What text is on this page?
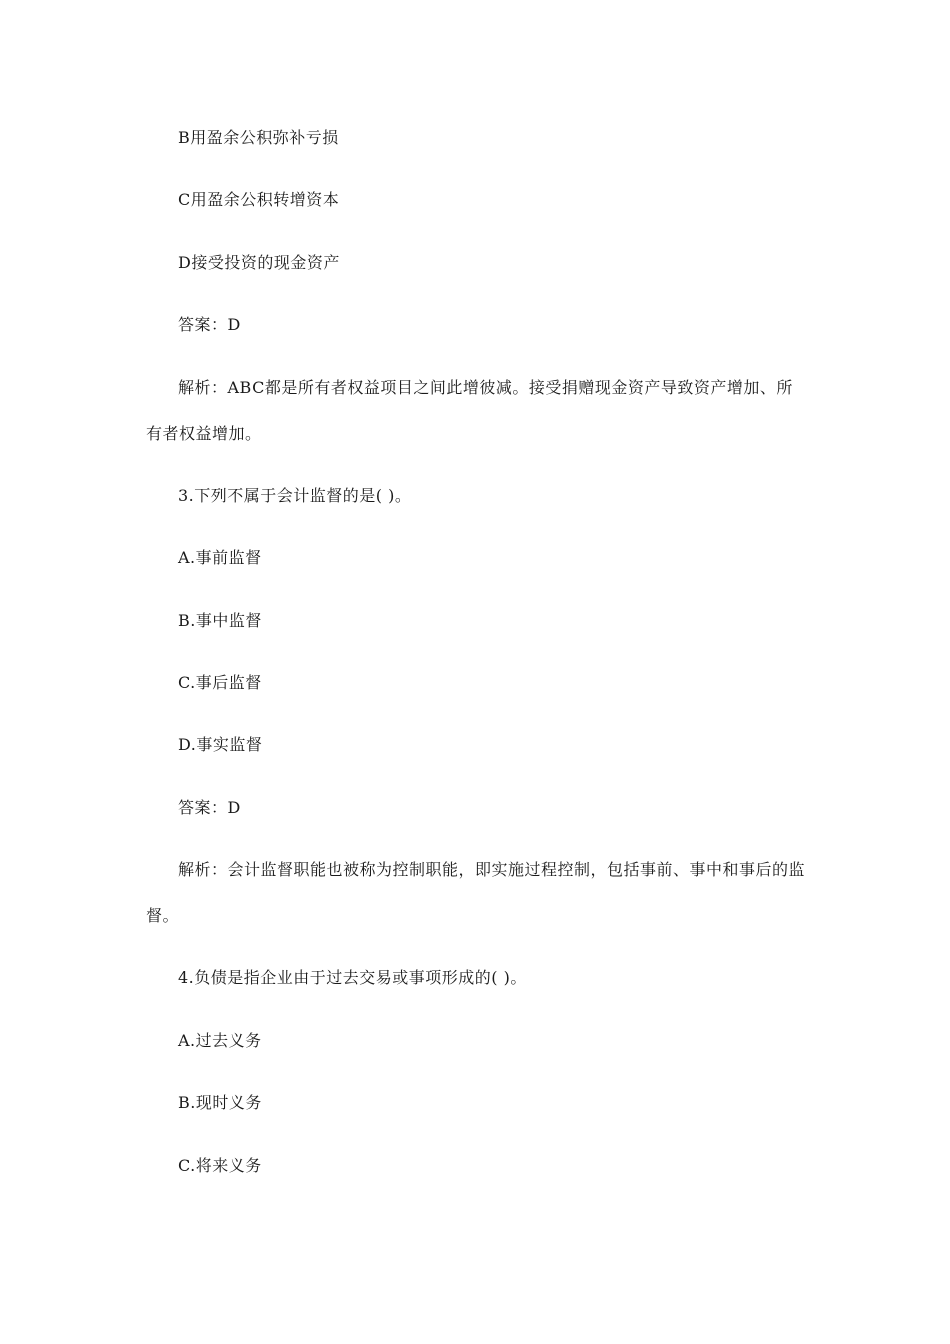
B用盈余公积弥补亏损
C用盈余公积转增资本
D接受投资的现金资产
答案：D
解析：ABC都是所有者权益项目之间此增彼减。接受捐赠现金资产导致资产增加、所有者权益增加。
3.下列不属于会计监督的是( )。
A.事前监督
B.事中监督
C.事后监督
D.事实监督
答案：D
解析：会计监督职能也被称为控制职能，即实施过程控制，包括事前、事中和事后的监督。
4.负债是指企业由于过去交易或事项形成的( )。
A.过去义务
B.现时义务
C.将来义务
